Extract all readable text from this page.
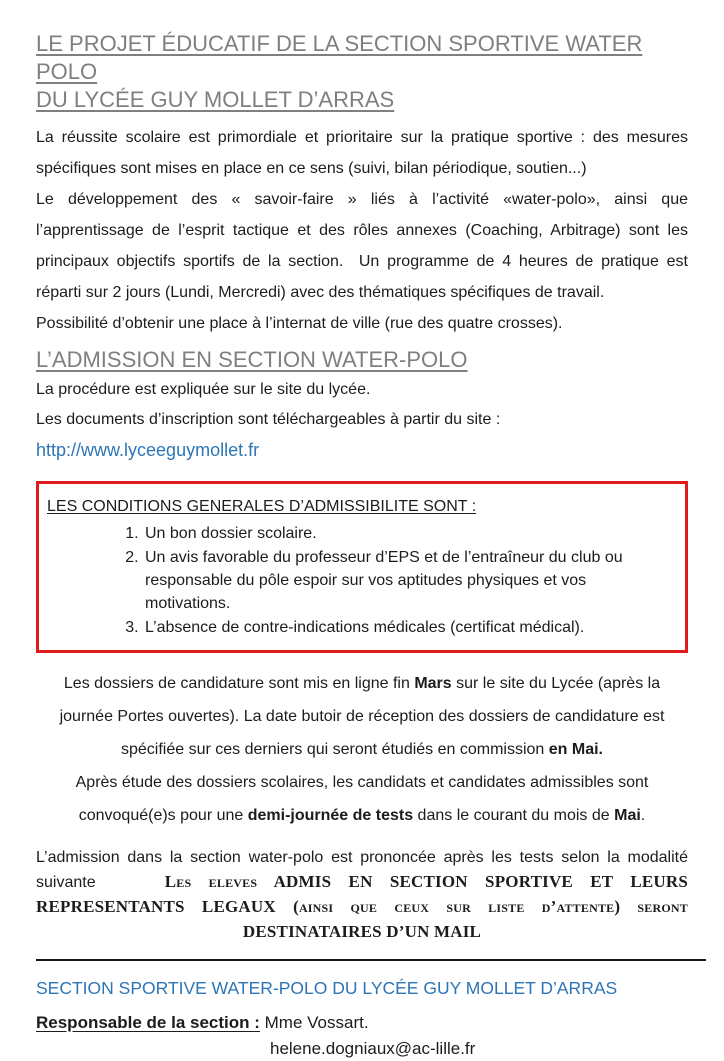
LE PROJET ÉDUCATIF DE LA SECTION SPORTIVE WATER POLO
DU LYCÉE GUY MOLLET D’ARRAS

La réussite scolaire est primordiale et prioritaire sur la pratique sportive : des mesures spécifiques sont mises en place en ce sens (suivi, bilan périodique, soutien...)

Le développement des « savoir-faire » liés à l’activité «water-polo», ainsi que l’apprentissage de l’esprit tactique et des rôles annexes (Coaching, Arbitrage) sont les principaux objectifs sportifs de la section.  Un programme de 4 heures de pratique est réparti sur 2 jours (Lundi, Mercredi) avec des thématiques spécifiques de travail.

Possibilité d’obtenir une place à l’internat de ville (rue des quatre crosses).

L’ADMISSION EN SECTION WATER-POLO

La procédure est expliquée sur le site du lycée.

Les documents d’inscription sont téléchargeables à partir du site :

http://www.lyceeguymollet.fr

LES CONDITIONS GENERALES D’ADMISSIBILITE SONT :

1. Un bon dossier scolaire.
2. Un avis favorable du professeur d’EPS et de l’entraîneur du club ou responsable du pôle espoir sur vos aptitudes physiques et vos motivations.
3. L’absence de contre-indications médicales (certificat médical).

Les dossiers de candidature sont mis en ligne fin Mars sur le site du Lycée (après la journée Portes ouvertes). La date butoir de réception des dossiers de candidature est spécifiée sur ces derniers qui seront étudiés en commission en Mai.

Après étude des dossiers scolaires, les candidats et candidates admissibles sont convoqué(e)s pour une demi-journée de tests dans le courant du mois de Mai.

L’admission dans la section water-polo est prononcée après les tests selon la modalité suivante    Les eleves ADMIS EN SECTION SPORTIVE ET LEURS REPRESENTANTS LEGAUX (ainsi que ceux sur liste d’attente) seront DESTINATAIRES D’UN MAIL

SECTION SPORTIVE WATER-POLO DU LYCÉE GUY MOLLET D’ARRAS

Responsable de la section : Mme Vossart.

helene.dogniaux@ac-lille.fr
